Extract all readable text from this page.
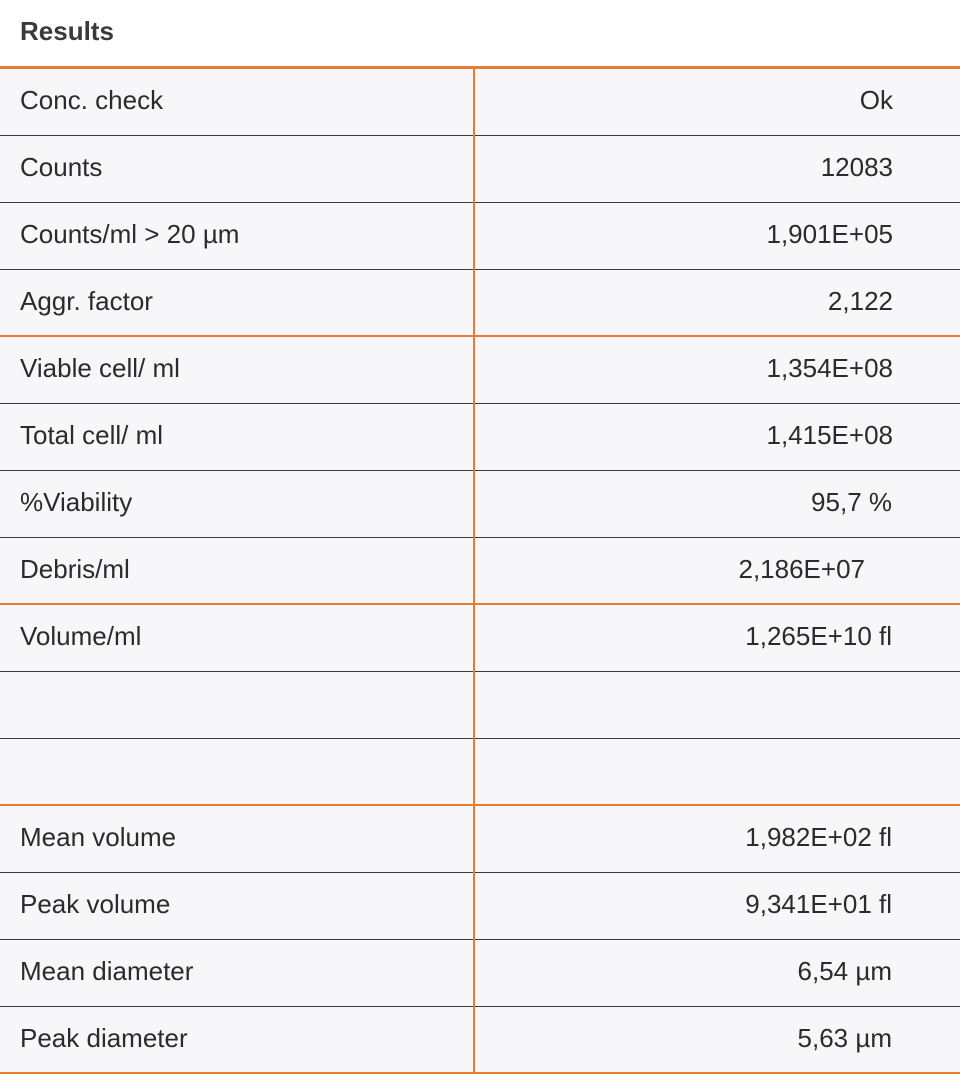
Results
Conc. check	Ok
Counts	12083
Counts/ml > 20 µm	1,901E+05
Aggr. factor	2,122
Viable cell/ ml	1,354E+08
Total cell/ ml	1,415E+08
%Viability	95,7 %
Debris/ml	2,186E+07
Volume/ml	1,265E+10 fl
Mean volume	1,982E+02 fl
Peak volume	9,341E+01 fl
Mean diameter	6,54 µm
Peak diameter	5,63 µm
